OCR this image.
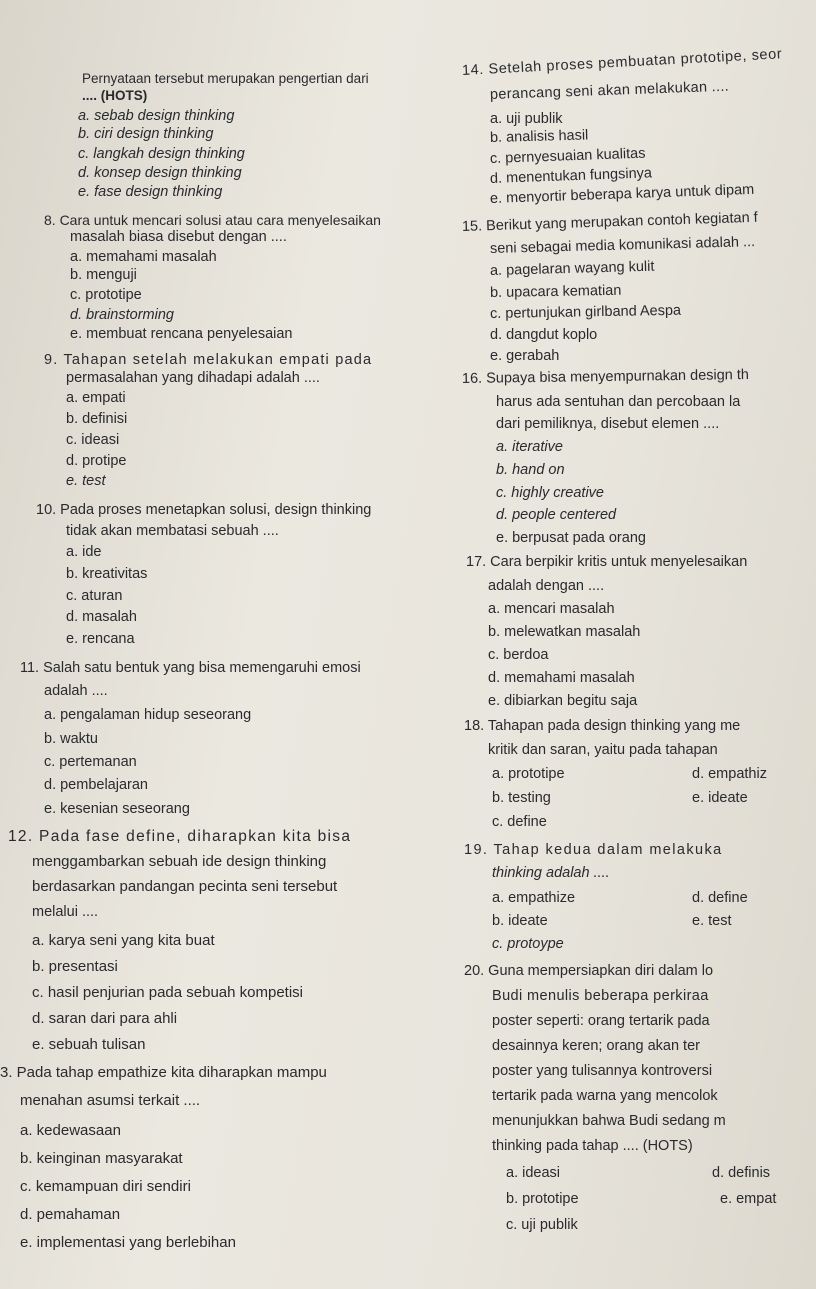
Pernyataan tersebut merupakan pengertian dari
.... (HOTS)
a. sebab design thinking
b. ciri design thinking
c. langkah design thinking
d. konsep design thinking
e. fase design thinking
8. Cara untuk mencari solusi atau cara menyelesaikan
masalah biasa disebut dengan ....
a. memahami masalah
b. menguji
c. prototipe
d. brainstorming
e. membuat rencana penyelesaian
9. Tahapan setelah melakukan empati pada
permasalahan yang dihadapi adalah ....
a. empati
b. definisi
c. ideasi
d. protipe
e. test
10. Pada proses menetapkan solusi, design thinking
tidak akan membatasi sebuah ....
a. ide
b. kreativitas
c. aturan
d. masalah
e. rencana
11. Salah satu bentuk yang bisa memengaruhi emosi
adalah ....
a. pengalaman hidup seseorang
b. waktu
c. pertemanan
d. pembelajaran
e. kesenian seseorang
12. Pada fase define, diharapkan kita bisa
menggambarkan sebuah ide design thinking
berdasarkan pandangan pecinta seni tersebut
melalui ....
a. karya seni yang kita buat
b. presentasi
c. hasil penjurian pada sebuah kompetisi
d. saran dari para ahli
e. sebuah tulisan
3. Pada tahap empathize kita diharapkan mampu
menahan asumsi terkait ....
a. kedewasaan
b. keinginan masyarakat
c. kemampuan diri sendiri
d. pemahaman
e. implementasi yang berlebihan
14. Setelah proses pembuatan prototipe, seor
perancang seni akan melakukan ....
a. uji publik
b. analisis hasil
c. pernyesuaian kualitas
d. menentukan fungsinya
e. menyortir beberapa karya untuk dipam
15. Berikut yang merupakan contoh kegiatan f
seni sebagai media komunikasi adalah ...
a. pagelaran wayang kulit
b. upacara kematian
c. pertunjukan girlband Aespa
d. dangdut koplo
e. gerabah
16. Supaya bisa menyempurnakan design th
harus ada sentuhan dan percobaan la
dari pemiliknya, disebut elemen ....
a. iterative
b. hand on
c. highly creative
d. people centered
e. berpusat pada orang
17. Cara berpikir kritis untuk menyelesaikan
adalah dengan ....
a. mencari masalah
b. melewatkan masalah
c. berdoa
d. memahami masalah
e. dibiarkan begitu saja
18. Tahapan pada design thinking yang me
kritik dan saran, yaitu pada tahapan
a. prototipe
b. testing
c. define
d. empathiz
e. ideate
19. Tahap kedua dalam melakuka
thinking adalah ....
a. empathize
b. ideate
c. protoype
d. define
e. test
20. Guna mempersiapkan diri dalam lo
Budi menulis beberapa perkiraa
poster seperti: orang tertarik pada
desainnya keren; orang akan ter
poster yang tulisannya kontroversi
tertarik pada warna yang mencolok
menunjukkan bahwa Budi sedang m
thinking pada tahap .... (HOTS)
a. ideasi
b. prototipe
c. uji publik
d. definis
e. empat
